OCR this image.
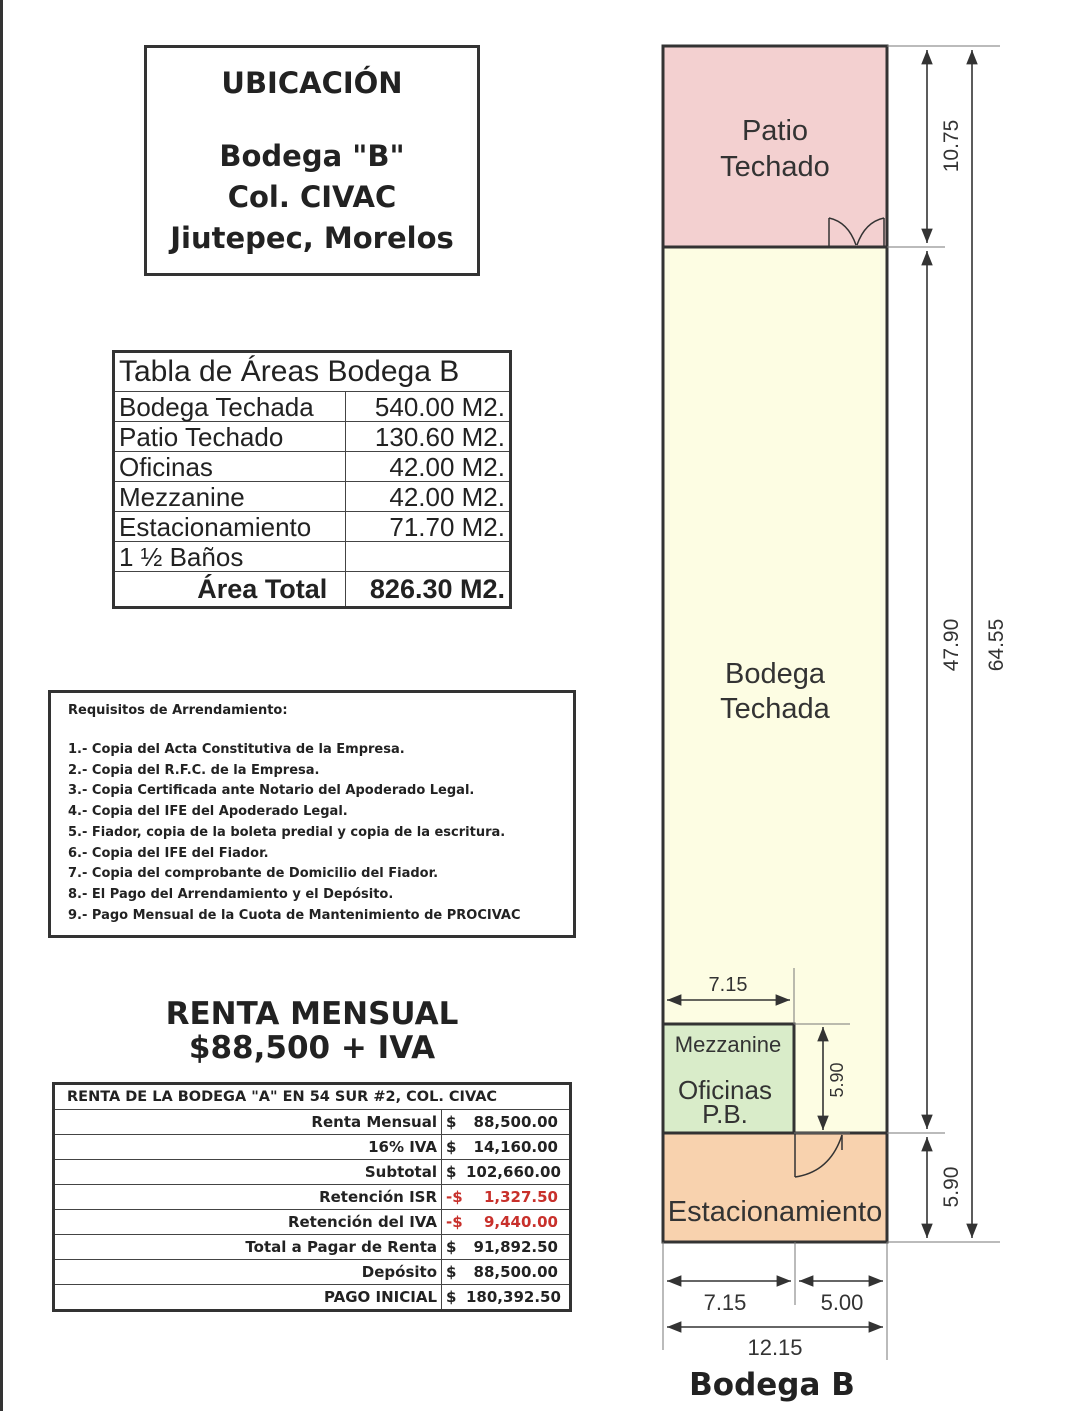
UBICACIÓN
Bodega "B"
Col. CIVAC
Jiutepec, Morelos
Tabla de Áreas Bodega B	
Bodega Techada	540.00 M2.
Patio Techado	130.60 M2.
Oficinas	42.00 M2.
Mezzanine	42.00 M2.
Estacionamiento	71.70 M2.
1 ½ Baños	
Área Total	826.30 M2.
Requisitos de Arrendamiento:
1.- Copia del Acta Constitutiva de la Empresa.
2.- Copia del R.F.C. de la Empresa.
3.- Copia Certificada ante Notario del Apoderado Legal.
4.- Copia del IFE del Apoderado Legal.
5.- Fiador, copia de la boleta predial y copia de la escritura.
6.- Copia del IFE del Fiador.
7.- Copia del comprobante de Domicilio del Fiador.
8.- El Pago del Arrendamiento y el Depósito.
9.- Pago Mensual de la Cuota de Mantenimiento de PROCIVAC
RENTA MENSUAL
$88,500 + IVA
RENTA DE LA BODEGA "A" EN 54 SUR #2, COL. CIVAC	
Renta Mensual	$ 88,500.00
16% IVA	$ 14,160.00
Subtotal	$ 102,660.00
Retención ISR	-$ 1,327.50
Retención del IVA	-$ 9,440.00
Total a Pagar de Renta	$ 91,892.50
Depósito	$ 88,500.00
PAGO INICIAL	$ 180,392.50
Patio
Techado
Bodega
Techada
Mezzanine
Oficinas
P.B.
Estacionamiento
10.75
47.90 64.55
5.90
5.90
7.15
7.15	5.00
12.15
Bodega B
